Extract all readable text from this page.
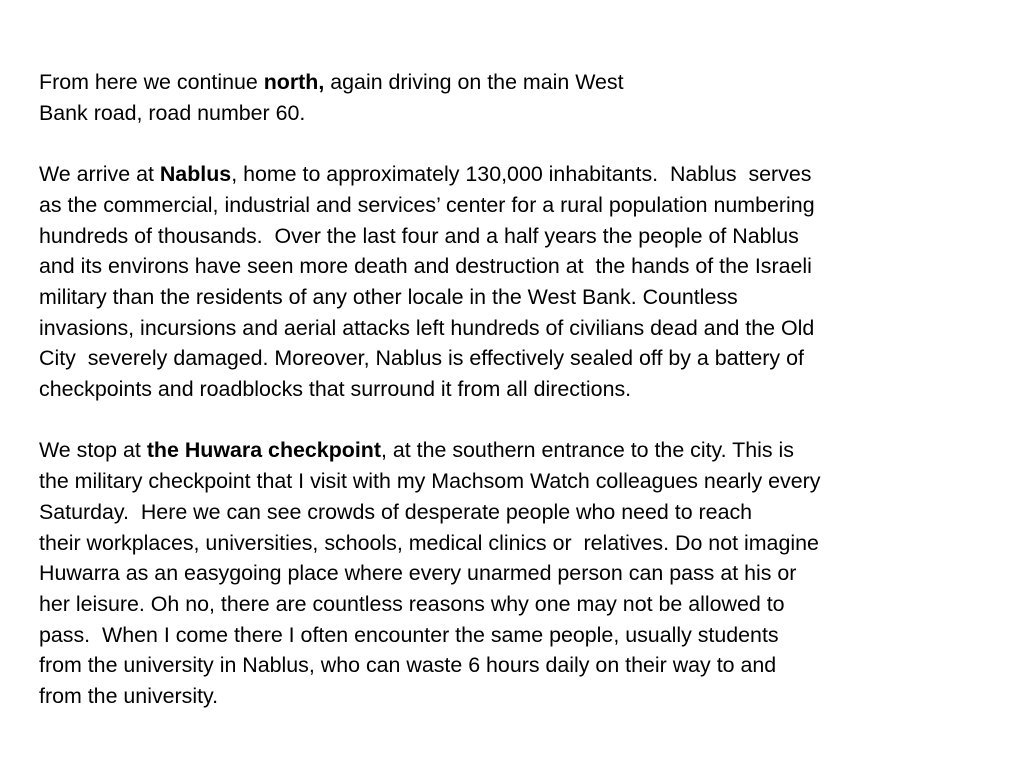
From here we continue north, again driving on the main West
Bank road, road number 60.
We arrive at Nablus, home to approximately 130,000 inhabitants.  Nablus  serves
as the commercial, industrial and services’ center for a rural population numbering
hundreds of thousands.  Over the last four and a half years the people of Nablus
and its environs have seen more death and destruction at  the hands of the Israeli
military than the residents of any other locale in the West Bank. Countless
invasions, incursions and aerial attacks left hundreds of civilians dead and the Old
City  severely damaged. Moreover, Nablus is effectively sealed off by a battery of
checkpoints and roadblocks that surround it from all directions.
We stop at the Huwara checkpoint, at the southern entrance to the city. This is
the military checkpoint that I visit with my Machsom Watch colleagues nearly every
Saturday.  Here we can see crowds of desperate people who need to reach
their workplaces, universities, schools, medical clinics or  relatives. Do not imagine
Huwarra as an easygoing place where every unarmed person can pass at his or
her leisure. Oh no, there are countless reasons why one may not be allowed to
pass.  When I come there I often encounter the same people, usually students
from the university in Nablus, who can waste 6 hours daily on their way to and
from the university.
